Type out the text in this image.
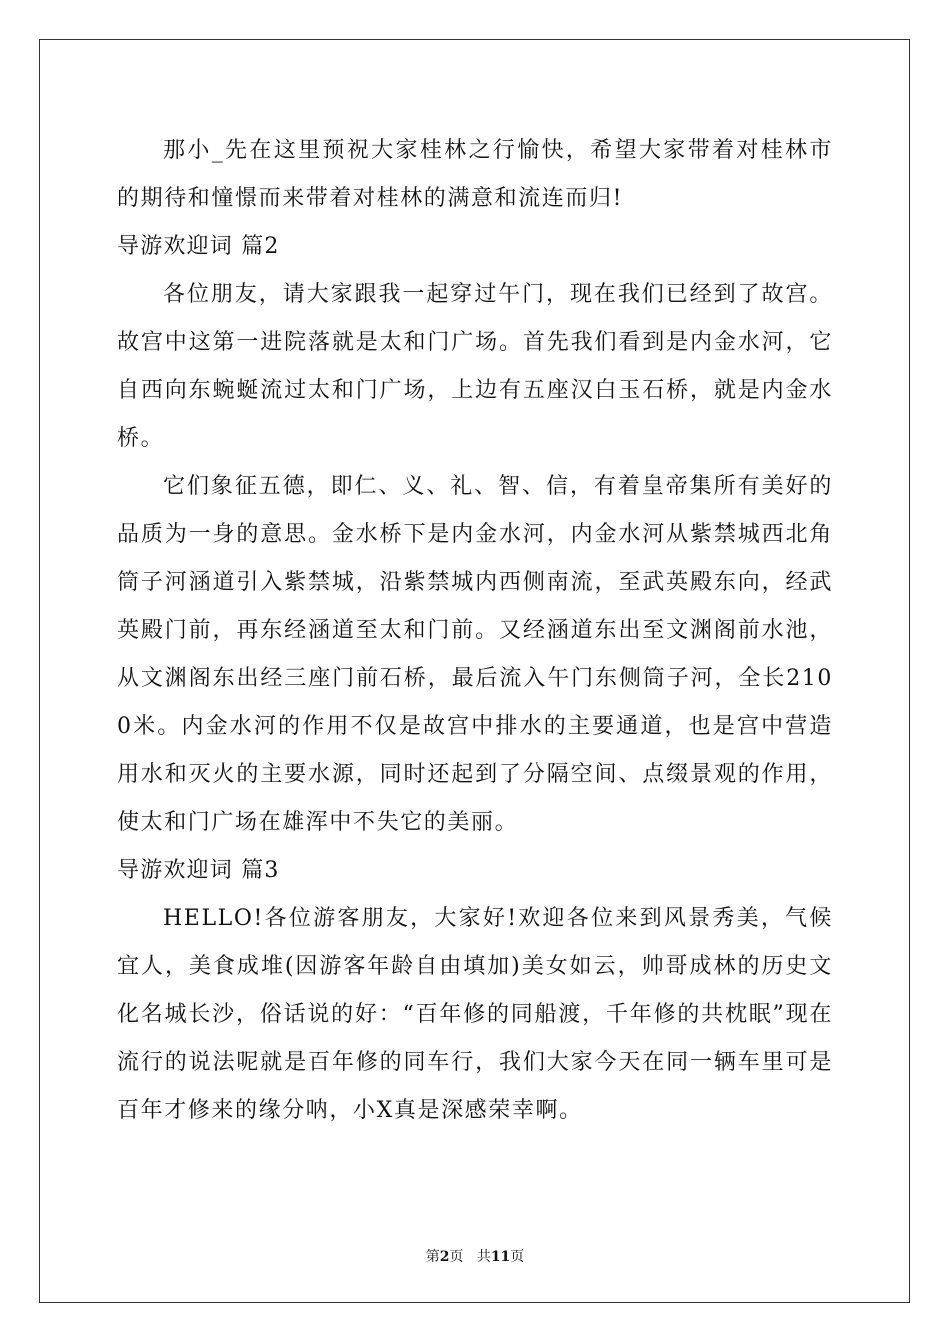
那小_先在这里预祝大家桂林之行愉快，希望大家带着对桂林市的期待和憧憬而来带着对桂林的满意和流连而归!

导游欢迎词 篇2

各位朋友，请大家跟我一起穿过午门，现在我们已经到了故宫。故宫中这第一进院落就是太和门广场。首先我们看到是内金水河，它自西向东蜿蜒流过太和门广场，上边有五座汉白玉石桥，就是内金水桥。

它们象征五德，即仁、义、礼、智、信，有着皇帝集所有美好的品质为一身的意思。金水桥下是内金水河，内金水河从紫禁城西北角筒子河涵道引入紫禁城，沿紫禁城内西侧南流，至武英殿东向，经武英殿门前，再东经涵道至太和门前。又经涵道东出至文渊阁前水池，从文渊阁东出经三座门前石桥，最后流入午门东侧筒子河，全长2100米。内金水河的作用不仅是故宫中排水的主要通道，也是宫中营造用水和灭火的主要水源，同时还起到了分隔空间、点缀景观的作用，使太和门广场在雄浑中不失它的美丽。

导游欢迎词 篇3

HELLO!各位游客朋友，大家好!欢迎各位来到风景秀美，气候宜人，美食成堆(因游客年龄自由填加)美女如云，帅哥成林的历史文化名城长沙，俗话说的好：“百年修的同船渡，千年修的共枕眠”现在流行的说法呢就是百年修的同车行，我们大家今天在同一辆车里可是百年才修来的缘分呐，小X真是深感荣幸啊。

第2页 共11页
